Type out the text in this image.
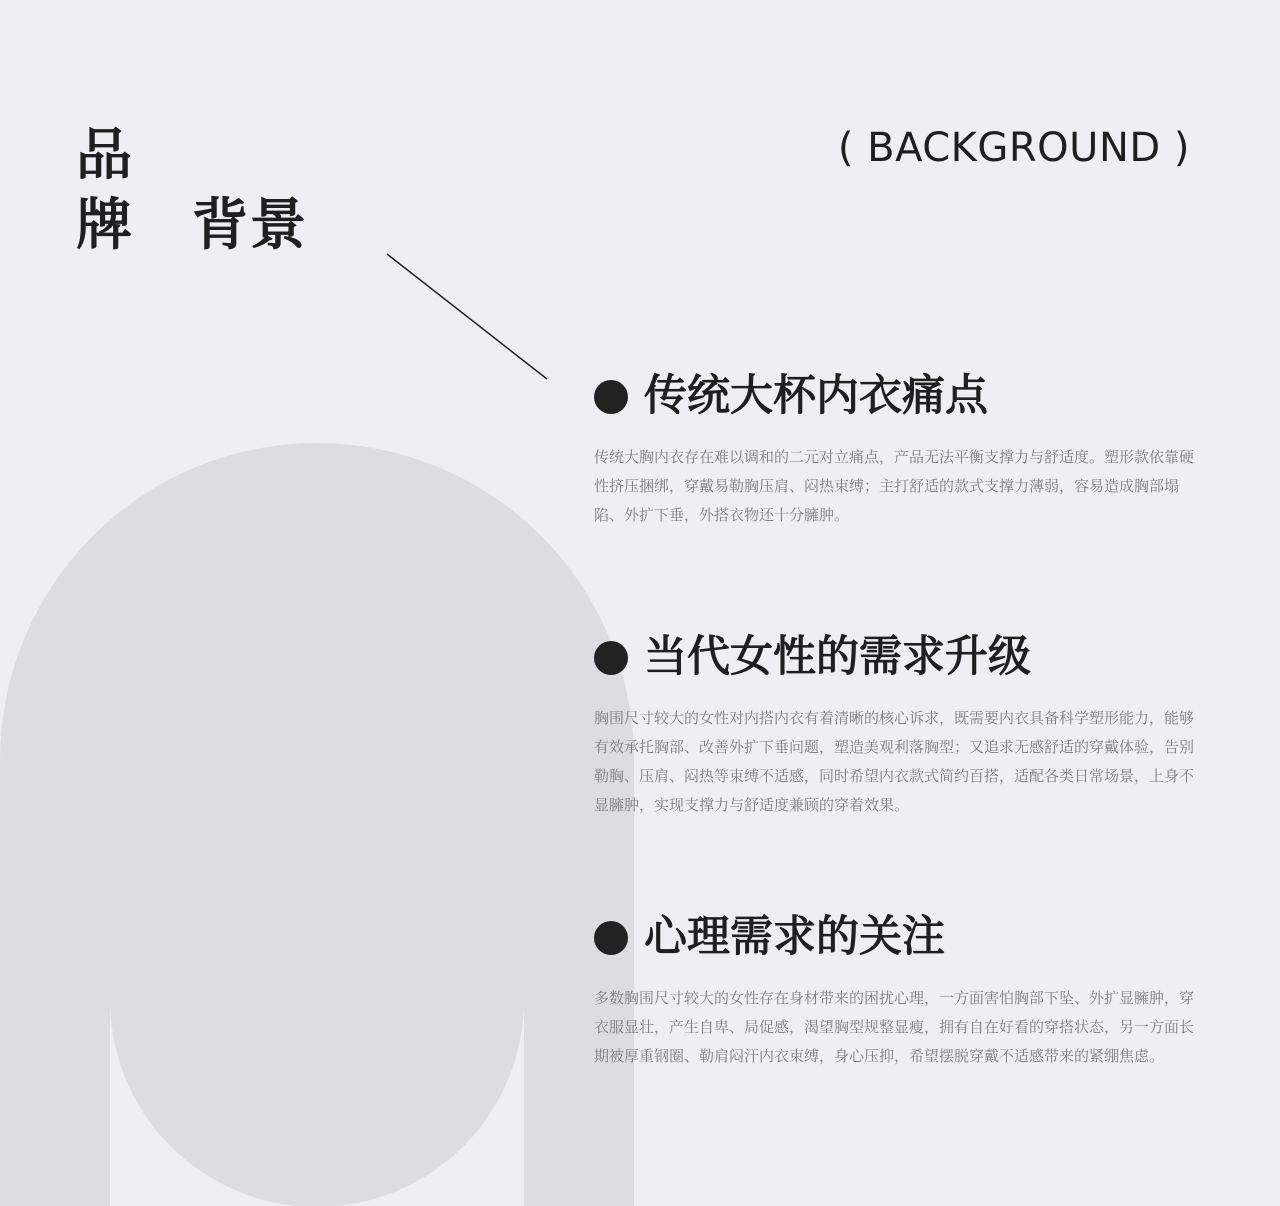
品
牌　背景
( BACKGROUND )
传统大杯内衣痛点

传统大胸内衣存在难以调和的二元对立痛点，产品无法平衡支撑力与舒适度。塑形款依靠硬性挤压捆绑，穿戴易勒胸压肩、闷热束缚；主打舒适的款式支撑力薄弱，容易造成胸部塌陷、外扩下垂，外搭衣物还十分臃肿。

当代女性的需求升级

胸围尺寸较大的女性对内搭内衣有着清晰的核心诉求，既需要内衣具备科学塑形能力，能够有效承托胸部、改善外扩下垂问题，塑造美观利落胸型；又追求无感舒适的穿戴体验，告别勒胸、压肩、闷热等束缚不适感，同时希望内衣款式简约百搭，适配各类日常场景，上身不显臃肿，实现支撑力与舒适度兼顾的穿着效果。

心理需求的关注

多数胸围尺寸较大的女性存在身材带来的困扰心理，一方面害怕胸部下坠、外扩显臃肿，穿衣服显壮，产生自卑、局促感，渴望胸型规整显瘦，拥有自在好看的穿搭状态，另一方面长期被厚重钢圈、勒肩闷汗内衣束缚，身心压抑，希望摆脱穿戴不适感带来的紧绷焦虑。
